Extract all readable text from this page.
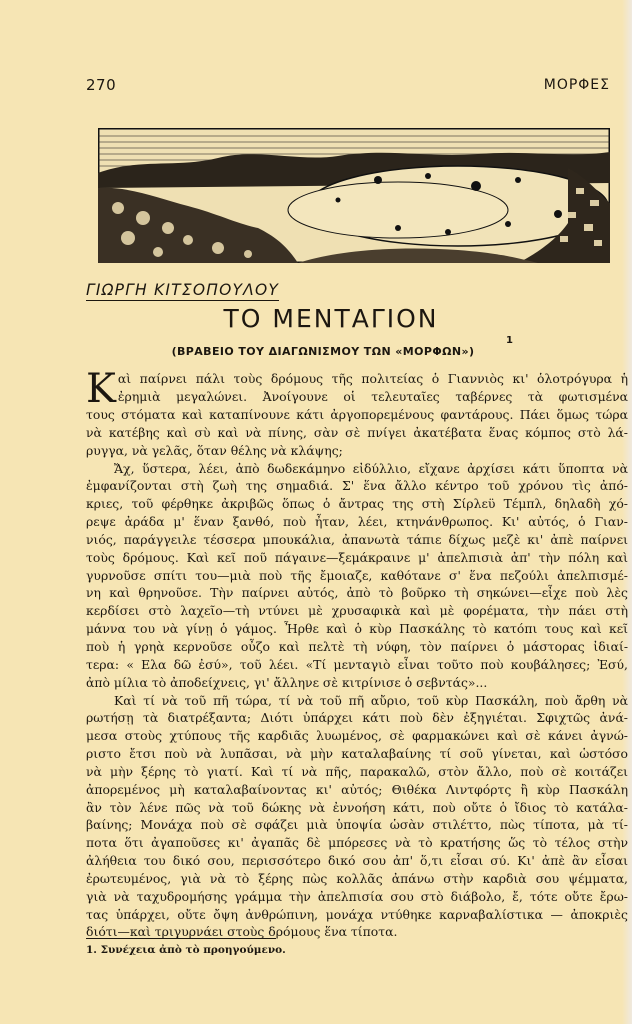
270	ΜΟΡΦΕΣ
ΓΙΩΡΓΗ ΚΙΤΣΟΠΟΥΛΟΥ
ΤΟ ΜΕΝΤΑΓΙΟΝ
1
(ΒΡΑΒΕΙΟ ΤΟΥ ΔΙΑΓΩΝΙΣΜΟΥ ΤΩΝ «ΜΟΡΦΩΝ»)
Κ αὶ παίρνει πάλι τοὺς δρόμους τῆς πολιτείας ὁ Γιαννιὸς κι' ὁλοτρόγυρα ἡ
ἐρημιὰ μεγαλώνει. Ἀνοίγουνε οἱ τελευταῖες ταβέρνες τὰ φωτισμένα
τους στόματα καὶ καταπίνουνε κάτι ἀργοπορεμένους φαντάρους. Πάει ὅμως τώρα
νὰ κατέβης καὶ σὺ καὶ νὰ πίνης, σὰν σὲ πνίγει ἀκατέβατα ἕνας κόμπος στὸ λά-
ρυγγα, νὰ γελᾶς, ὅταν θέλης νὰ κλάψης;
Ἄχ, ὕστερα, λέει, ἀπὸ δωδεκάμηνο εἰδύλλιο, εἴχανε ἀρχίσει κάτι ὕποπτα νὰ
ἐμφανίζονται στὴ ζωὴ της σημαδιά. Σ' ἕνα ἄλλο κέντρο τοῦ χρόνου τὶς ἀπό-
κριες, τοῦ φέρθηκε ἀκριβῶς ὅπως ὁ ἄντρας της στὴ Σίρλεϋ Τέμπλ, δηλαδὴ χό-
ρεψε ἀράδα μ' ἕναν ξανθό, ποὺ ἦταν, λέει, κτηνάνθρωπος. Κι' αὐτός, ὁ Γιαν-
νιός, παράγγειλε τέσσερα μπουκάλια, ἀπανωτὰ τάπιε δίχως μεζὲ κι' ἀπὲ παίρνει
τοὺς δρόμους. Καὶ κεῖ ποῦ πάγαινε—ξεμάκραινε μ' ἀπελπισιὰ ἀπ' τὴν πόλη καὶ
γυρνοῦσε σπίτι του—μιὰ ποὺ τῆς ἔμοιαζε, καθότανε σ' ἕνα πεζούλι ἀπελπισμέ-
νη καὶ θρηνοῦσε. Τὴν παίρνει αὐτός, ἀπὸ τὸ βοῦρκο τὴ σηκώνει—εἶχε ποὺ λὲς
κερδίσει στὸ λαχεῖο—τὴ ντύνει μὲ χρυσαφικὰ καὶ μὲ φορέματα, τὴν πάει στὴ
μάννα του νὰ γίνῃ ὁ γάμος. Ἦρθε καὶ ὁ κὺρ Πασκάλης τὸ κατόπι τους καὶ κεῖ
ποὺ ἡ γρηὰ κερνοῦσε οὖζο καὶ πελτὲ τὴ νύφη, τὸν παίρνει ὁ μάστορας ἰδιαί-
τερα: « Ελα δῶ ἐσύ», τοῦ λέει. «Τί μενταγιὸ εἶναι τοῦτο ποὺ κουβάλησες; Ἐσύ,
ἀπὸ μίλια τὸ ἀποδείχνεις, γι' ἄλληνε σὲ κιτρίνισε ὁ σεβντάς»...
Καὶ τί νὰ τοῦ πῆ τώρα, τί νὰ τοῦ πῆ αὔριο, τοῦ κὺρ Πασκάλη, ποὺ ἄρθη νὰ
ρωτήσῃ τὰ διατρέξαντα; Διότι ὑπάρχει κάτι ποὺ δὲν ἐξηγιέται. Σφιχτῶς ἀνά-
μεσα στοὺς χτύπους τῆς καρδιᾶς λυωμένος, σὲ φαρμακώνει καὶ σὲ κάνει ἀγνώ-
ριστο ἔτσι ποὺ νὰ λυπᾶσαι, νὰ μὴν καταλαβαίνης τί σοῦ γίνεται, καὶ ὡστόσο
νὰ μὴν ξέρης τὸ γιατί. Καὶ τί νὰ πῆς, παρακαλῶ, στὸν ἄλλο, ποὺ σὲ κοιτάζει
ἀπορεμένος μὴ καταλαβαίνοντας κι' αὐτός; Θιθέκα Λιντφόρτς ἢ κὺρ Πασκάλη
ἂν τὸν λένε πῶς νὰ τοῦ δώκης νὰ ἐννοήση κάτι, ποὺ οὔτε ὁ ἴδιος τὸ κατάλα-
βαίνης; Μονάχα ποὺ σὲ σφάζει μιὰ ὑποψία ὡσὰν στιλέττο, πὼς τίποτα, μὰ τί-
ποτα ὅτι ἀγαποῦσες κι' ἀγαπᾶς δὲ μπόρεσες νὰ τὸ κρατήσης ὥς τὸ τέλος στὴν
ἀλήθεια του δικό σου, περισσότερο δικό σου ἀπ' ὅ,τι εἶσαι σύ. Κι' ἀπὲ ἂν εἶσαι
ἐρωτευμένος, γιὰ νὰ τὸ ξέρης πὼς κολλᾶς ἀπάνω στὴν καρδιὰ σου ψέμματα,
γιὰ νὰ ταχυδρομήσης γράμμα τὴν ἀπελπισία σου στὸ διάβολο, ἔ, τότε οὔτε ἔρω-
τας ὑπάρχει, οὔτε ὄψη ἀνθρώπινη, μονάχα ντύθηκε καρναβαλίστικα — ἀποκριὲς
διότι—καὶ τριγυρνάει στοὺς δρόμους ἕνα τίποτα.
1. Συνέχεια ἀπὸ τὸ προηγούμενο.
